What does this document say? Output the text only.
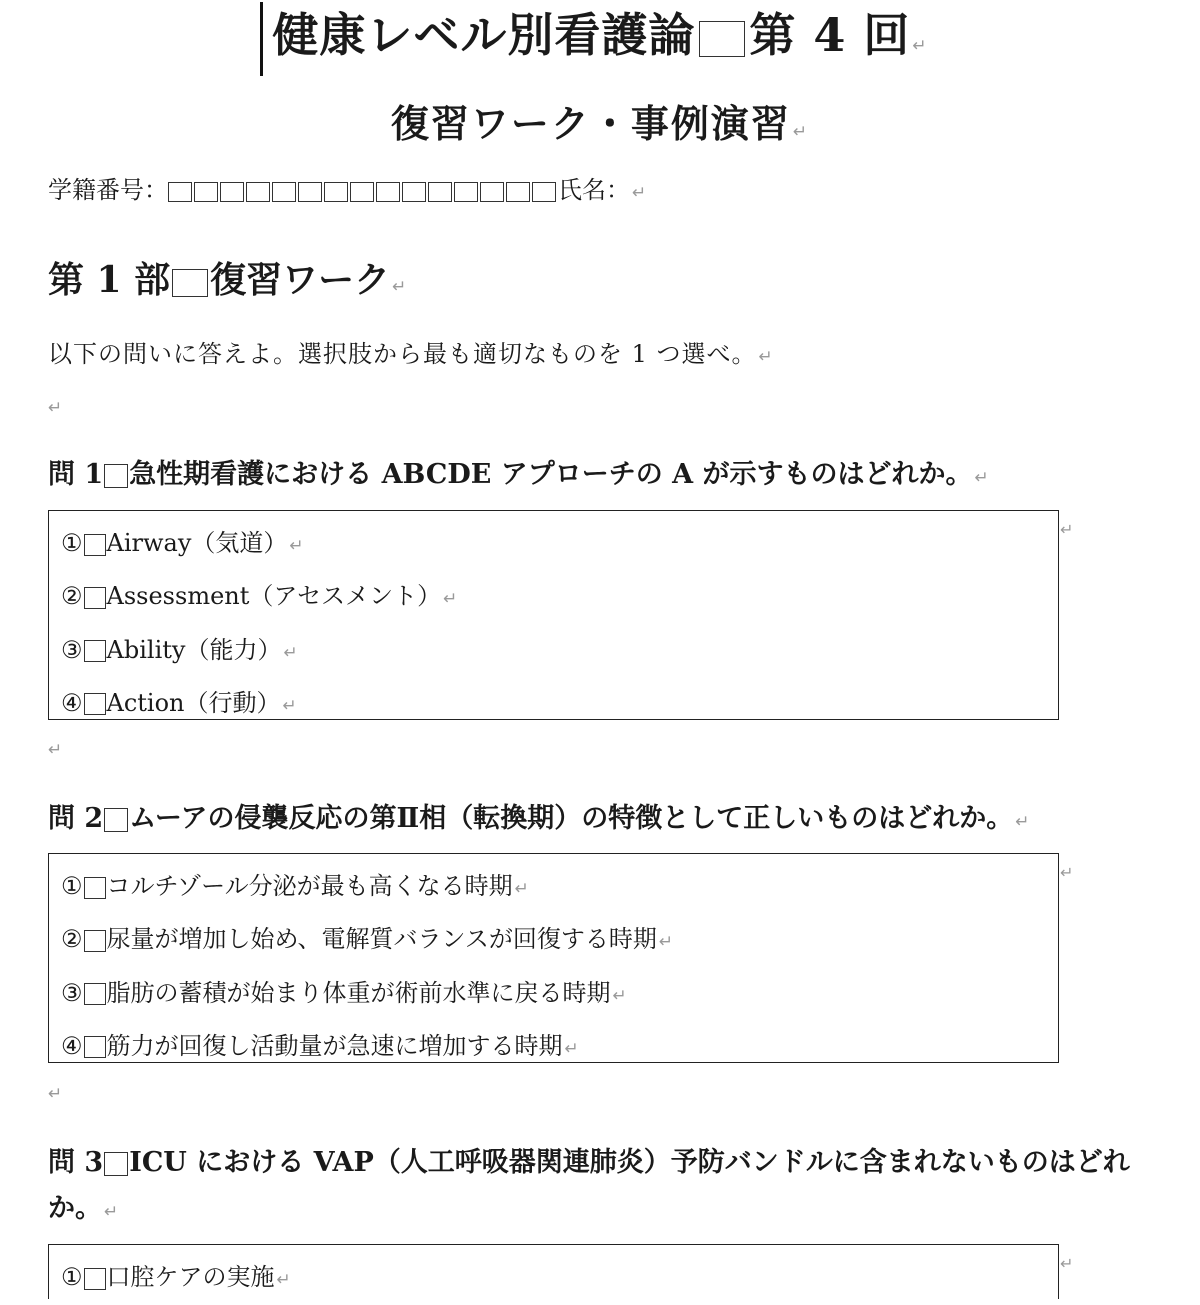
健康レベル別看護論 第 4 回 ↵
復習ワーク・事例演習 ↵
学籍番号：	氏名： ↵
第 1 部 復習ワーク ↵
以下の問いに答えよ。選択肢から最も適切なものを 1 つ選べ。 ↵
↵
問 1 急性期看護における ABCDE アプローチの A が示すものはどれか。 ↵
① Airway（気道） ↵
② Assessment（アセスメント） ↵
③ Ability（能力） ↵
④ Action（行動） ↵
↵
↵
問 2 ムーアの侵襲反応の第Ⅱ相（転換期）の特徴として正しいものはどれか。 ↵
① コルチゾール分泌が最も高くなる時期 ↵
② 尿量が増加し始め、電解質バランスが回復する時期 ↵
③ 脂肪の蓄積が始まり体重が術前水準に戻る時期 ↵
④ 筋力が回復し活動量が急速に増加する時期 ↵
↵
↵
問 3 ICU における VAP（人工呼吸器関連肺炎）予防バンドルに含まれないものはどれか。 ↵
① 口腔ケアの実施 ↵
↵
